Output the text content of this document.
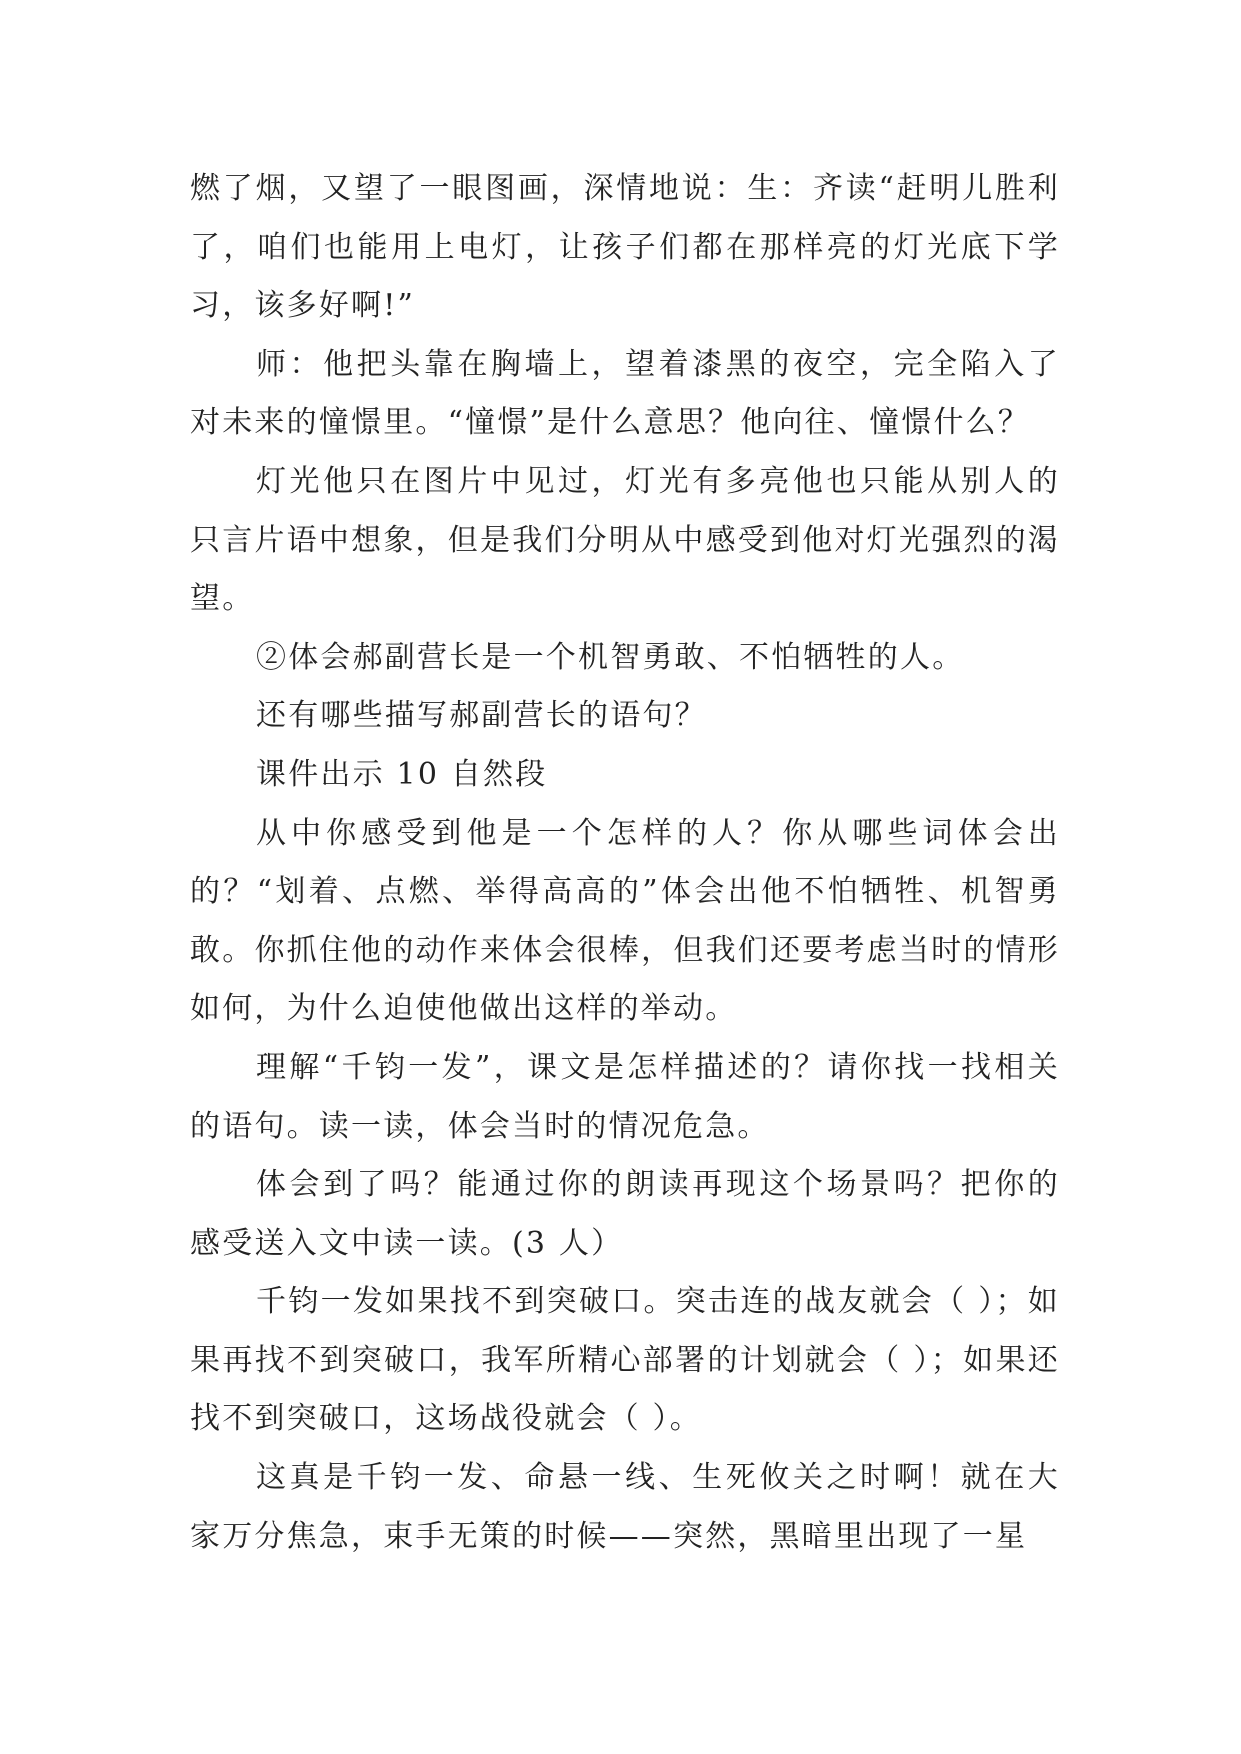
燃了烟，又望了一眼图画，深情地说：生：齐读“赶明儿胜利了，咱们也能用上电灯，让孩子们都在那样亮的灯光底下学习，该多好啊!”

师：他把头靠在胸墙上，望着漆黑的夜空，完全陷入了对未来的憧憬里。“憧憬”是什么意思？他向往、憧憬什么？

灯光他只在图片中见过，灯光有多亮他也只能从别人的只言片语中想象，但是我们分明从中感受到他对灯光强烈的渴望。

②体会郝副营长是一个机智勇敢、不怕牺牲的人。

还有哪些描写郝副营长的语句？

课件出示 10 自然段

从中你感受到他是一个怎样的人？你从哪些词体会出的？“划着、点燃、举得高高的”体会出他不怕牺牲、机智勇敢。你抓住他的动作来体会很棒，但我们还要考虑当时的情形如何，为什么迫使他做出这样的举动。

理解“千钧一发”，课文是怎样描述的？请你找一找相关的语句。读一读，体会当时的情况危急。

体会到了吗？能通过你的朗读再现这个场景吗？把你的感受送入文中读一读。(3 人）

千钧一发如果找不到突破口。突击连的战友就会（ ）；如果再找不到突破口，我军所精心部署的计划就会（ ）；如果还找不到突破口，这场战役就会（ ）。

这真是千钧一发、命悬一线、生死攸关之时啊！就在大家万分焦急，束手无策的时候——突然，黑暗里出现了一星
